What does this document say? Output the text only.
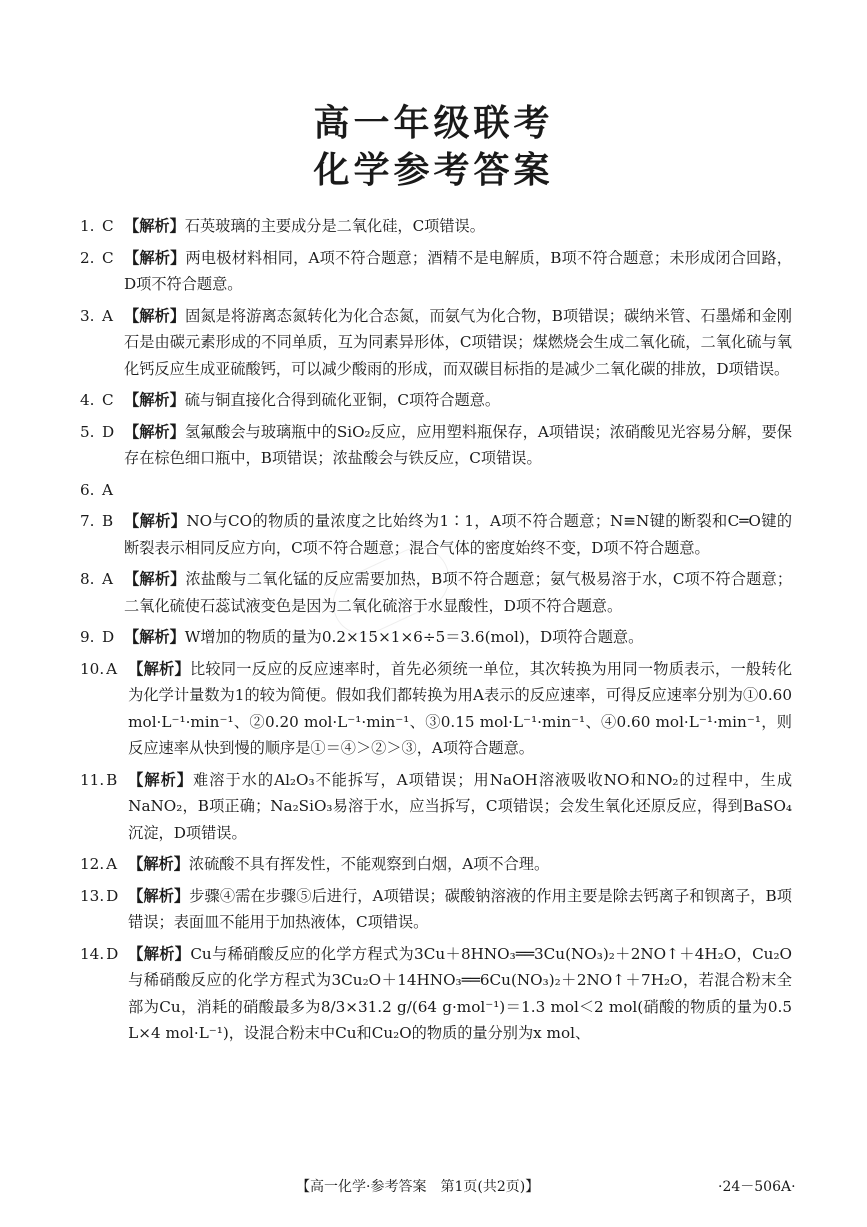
高一年级联考
化学参考答案
1. C 【解析】石英玻璃的主要成分是二氧化硅，C项错误。
2. C 【解析】两电极材料相同，A项不符合题意；酒精不是电解质，B项不符合题意；未形成闭合回路，D项不符合题意。
3. A 【解析】固氮是将游离态氮转化为化合态氮，而氨气为化合物，B项错误；碳纳米管、石墨烯和金刚石是由碳元素形成的不同单质，互为同素异形体，C项错误；煤燃烧会生成二氧化硫，二氧化硫与氧化钙反应生成亚硫酸钙，可以减少酸雨的形成，而双碳目标指的是减少二氧化碳的排放，D项错误。
4. C 【解析】硫与铜直接化合得到硫化亚铜，C项符合题意。
5. D 【解析】氢氟酸会与玻璃瓶中的SiO₂反应，应用塑料瓶保存，A项错误；浓硝酸见光容易分解，要保存在棕色细口瓶中，B项错误；浓盐酸会与铁反应，C项错误。
6. A
7. B 【解析】NO与CO的物质的量浓度之比始终为1∶1，A项不符合题意；N≡N键的断裂和C═O键的断裂表示相同反应方向，C项不符合题意；混合气体的密度始终不变，D项不符合题意。
8. A 【解析】浓盐酸与二氧化锰的反应需要加热，B项不符合题意；氨气极易溶于水，C项不符合题意；二氧化硫使石蕊试液变色是因为二氧化硫溶于水显酸性，D项不符合题意。
9. D 【解析】W增加的物质的量为0.2×15×1×6÷5＝3.6(mol)，D项符合题意。
10. A 【解析】比较同一反应的反应速率时，首先必须统一单位，其次转换为用同一物质表示，一般转化为化学计量数为1的较为简便。假如我们都转换为用A表示的反应速率，可得反应速率分别为①0.60 mol·L⁻¹·min⁻¹、②0.20 mol·L⁻¹·min⁻¹、③0.15 mol·L⁻¹·min⁻¹、④0.60 mol·L⁻¹·min⁻¹，则反应速率从快到慢的顺序是①＝④＞②＞③，A项符合题意。
11. B 【解析】难溶于水的Al₂O₃不能拆写，A项错误；用NaOH溶液吸收NO和NO₂的过程中，生成NaNO₂，B项正确；Na₂SiO₃易溶于水，应当拆写，C项错误；会发生氧化还原反应，得到BaSO₄沉淀，D项错误。
12. A 【解析】浓硫酸不具有挥发性，不能观察到白烟，A项不合理。
13. D 【解析】步骤④需在步骤⑤后进行，A项错误；碳酸钠溶液的作用主要是除去钙离子和钡离子，B项错误；表面皿不能用于加热液体，C项错误。
14. D 【解析】Cu与稀硝酸反应的化学方程式为3Cu＋8HNO₃══3Cu(NO₃)₂＋2NO↑＋4H₂O，Cu₂O与稀硝酸反应的化学方程式为3Cu₂O＋14HNO₃══6Cu(NO₃)₂＋2NO↑＋7H₂O，若混合粉末全部为Cu，消耗的硝酸最多为8/3×31.2 g/(64 g·mol⁻¹)＝1.3 mol＜2 mol(硝酸的物质的量为0.5 L×4 mol·L⁻¹)，设混合粉末中Cu和Cu₂O的物质的量分别为x mol、
【高一化学·参考答案　第1页(共2页)】	·24－506A·
